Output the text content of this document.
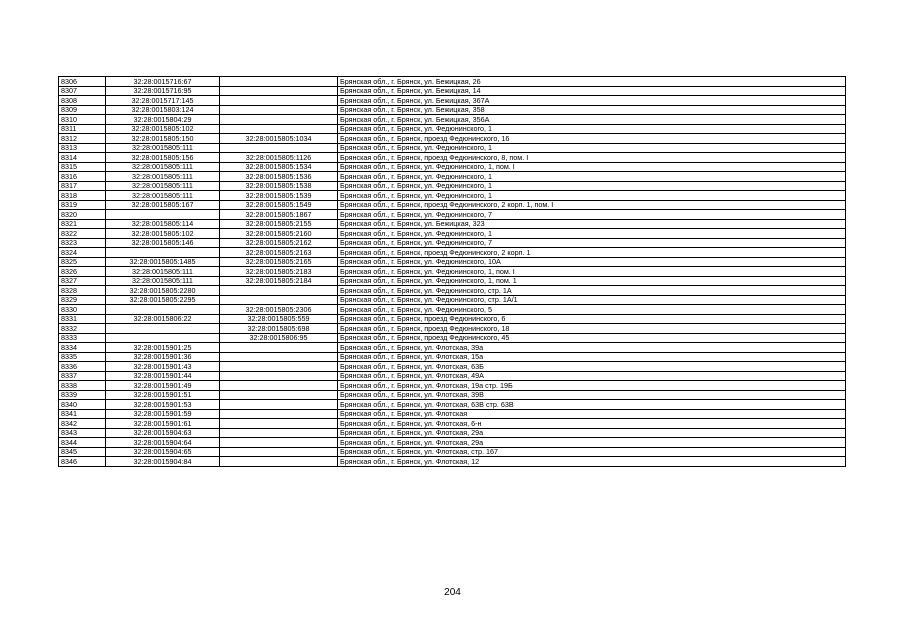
8306	32:28:0015716:67		Брянская обл., г. Брянск, ул. Бежицкая, 26
8307	32:28:0015716:95		Брянская обл., г. Брянск, ул. Бежицкая, 14
8308	32:28:0015717:145		Брянская обл., г. Брянск, ул. Бежицкая, 367А
8309	32:28:0015803:124		Брянская обл., г. Брянск, ул. Бежицкая, 358
8310	32:28:0015804:29		Брянская обл., г. Брянск, ул. Бежицкая, 356А
8311	32:28:0015805:102		Брянская обл., г. Брянск, ул. Федюнинского, 1
8312	32:28:0015805:150	32:28:0015805:1034	Брянская обл., г. Брянск, проезд Федюнинского, 16
8313	32:28:0015805:111		Брянская обл., г. Брянск, ул. Федюнинского, 1
8314	32:28:0015805:156	32:28:0015805:1126	Брянская обл., г. Брянск, проезд Федюнинского, 8, пом. I
8315	32:28:0015805:111	32:28:0015805:1534	Брянская обл., г. Брянск, ул. Федюнинского, 1, пом. I
8316	32:28:0015805:111	32:28:0015805:1536	Брянская обл., г. Брянск, ул. Федюнинского, 1
8317	32:28:0015805:111	32:28:0015805:1538	Брянская обл., г. Брянск, ул. Федюнинского, 1
8318	32:28:0015805:111	32:28:0015805:1539	Брянская обл., г. Брянск, ул. Федюнинского, 1
8319	32:28:0015805:167	32:28:0015805:1549	Брянская обл., г. Брянск, проезд Федюнинского, 2 корп. 1, пом. I
8320		32:28:0015805:1867	Брянская обл., г. Брянск, ул. Федюнинского, 7
8321	32:28:0015805:114	32:28:0015805:2155	Брянская обл., г. Брянск, ул. Бежицкая, 323
8322	32:28:0015805:102	32:28:0015805:2160	Брянская обл., г. Брянск, ул. Федюнинского, 1
8323	32:28:0015805:146	32:28:0015805:2162	Брянская обл., г. Брянск, ул. Федюнинского, 7
8324		32:28:0015805:2163	Брянская обл., г. Брянск, проезд Федюнинского, 2 корп. 1
8325	32:28:0015805:1485	32:28:0015805:2165	Брянская обл., г. Брянск, ул. Федюнинского, 10А
8326	32:28:0015805:111	32:28:0015805:2183	Брянская обл., г. Брянск, ул. Федюнинского, 1, пом. I
8327	32:28:0015805:111	32:28:0015805:2184	Брянская обл., г. Брянск, ул. Федюнинского, 1, пом. 1
8328	32:28:0015805:2280		Брянская обл., г. Брянск, ул. Федюнинского, стр. 1А
8329	32:28:0015805:2295		Брянская обл., г. Брянск, ул. Федюнинского, стр. 1А/1
8330		32:28:0015805:2306	Брянская обл., г. Брянск, ул. Федюнинского, 5
8331	32:28:0015806:22	32:28:0015805:559	Брянская обл., г. Брянск, проезд Федюнинского, 6
8332		32:28:0015805:698	Брянская обл., г. Брянск, проезд Федюнинского, 18
8333		32:28:0015806:95	Брянская обл., г. Брянск, проезд Федюнинского, 45
8334	32:28:0015901:25		Брянская обл., г. Брянск, ул. Флотская, 39а
8335	32:28:0015901:36		Брянская обл., г. Брянск, ул. Флотская, 15а
8336	32:28:0015901:43		Брянская обл., г. Брянск, ул. Флотская, 63Б
8337	32:28:0015901:44		Брянская обл., г. Брянск, ул. Флотская, 49А
8338	32:28:0015901:49		Брянская обл., г. Брянск, ул. Флотская, 19а стр. 19Б
8339	32:28:0015901:51		Брянская обл., г. Брянск, ул. Флотская, 39В
8340	32:28:0015901:53		Брянская обл., г. Брянск, ул. Флотская, 63В стр. 63В
8341	32:28:0015901:59		Брянская обл., г. Брянск, ул. Флотская
8342	32:28:0015901:61		Брянская обл., г. Брянск, ул. Флотская, 6-н
8343	32:28:0015904:63		Брянская обл., г. Брянск, ул. Флотская, 29а
8344	32:28:0015904:64		Брянская обл., г. Брянск, ул. Флотская, 29а
8345	32:28:0015904:65		Брянская обл., г. Брянск, ул. Флотская, стр. 167
8346	32:28:0015904:84		Брянская обл., г. Брянск, ул. Флотская, 12
204
